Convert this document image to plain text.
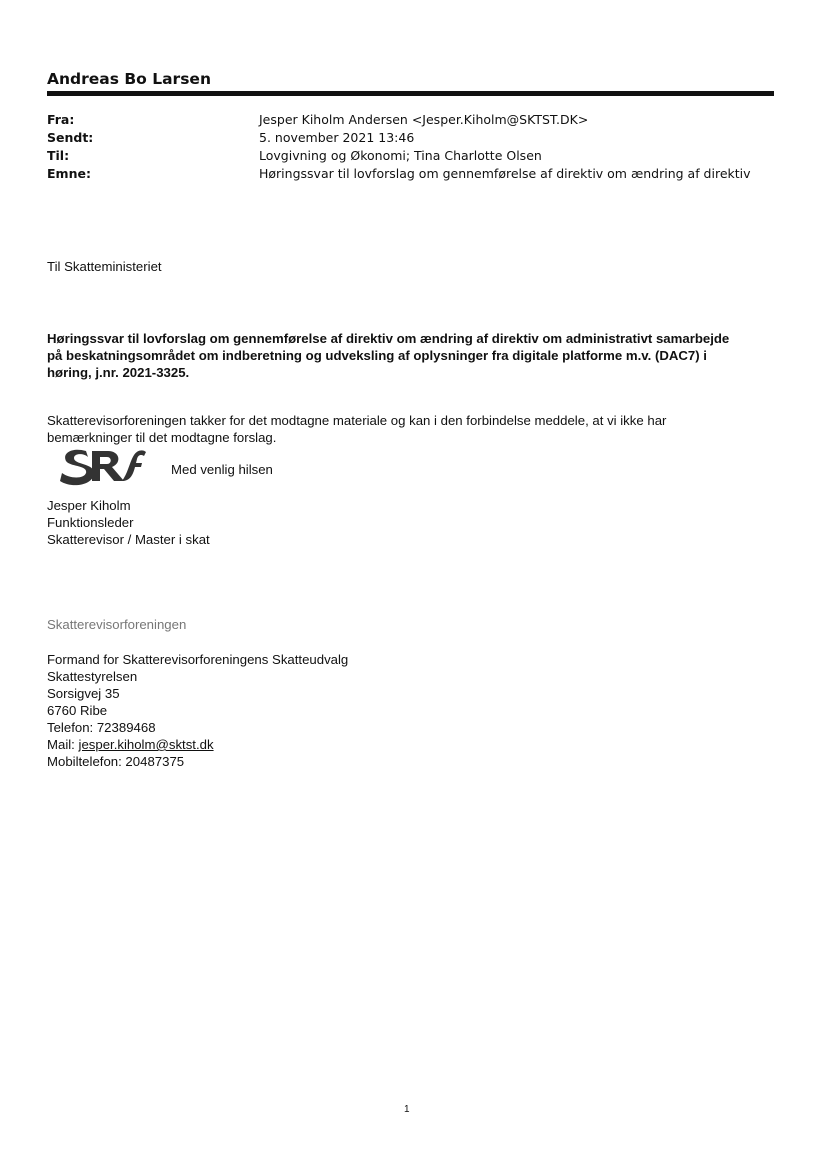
Andreas Bo Larsen
Fra:	Jesper Kiholm Andersen <Jesper.Kiholm@SKTST.DK>
Sendt:	5. november 2021 13:46
Til:	Lovgivning og Økonomi; Tina Charlotte Olsen
Emne:	Høringssvar til lovforslag om gennemførelse af direktiv om ændring af direktiv
Til Skatteministeriet
Høringssvar til lovforslag om gennemførelse af direktiv om ændring af direktiv om administrativt samarbejde på beskatningsområdet om indberetning og udveksling af oplysninger fra digitale platforme m.v. (DAC7) i høring, j.nr. 2021-3325.
Skatterevisorforeningen takker for det modtagne materiale og kan i den forbindelse meddele, at vi ikke har bemærkninger til det modtagne forslag.
Med venlig hilsen
Jesper Kiholm
Funktionsleder
Skatterevisor / Master i skat
Skatterevisorforeningen
Formand for Skatterevisorforeningens Skatteudvalg
Skattestyrelsen
Sorsigvej 35
6760 Ribe
Telefon: 72389468
Mail: jesper.kiholm@sktst.dk
Mobiltelefon: 20487375
1
